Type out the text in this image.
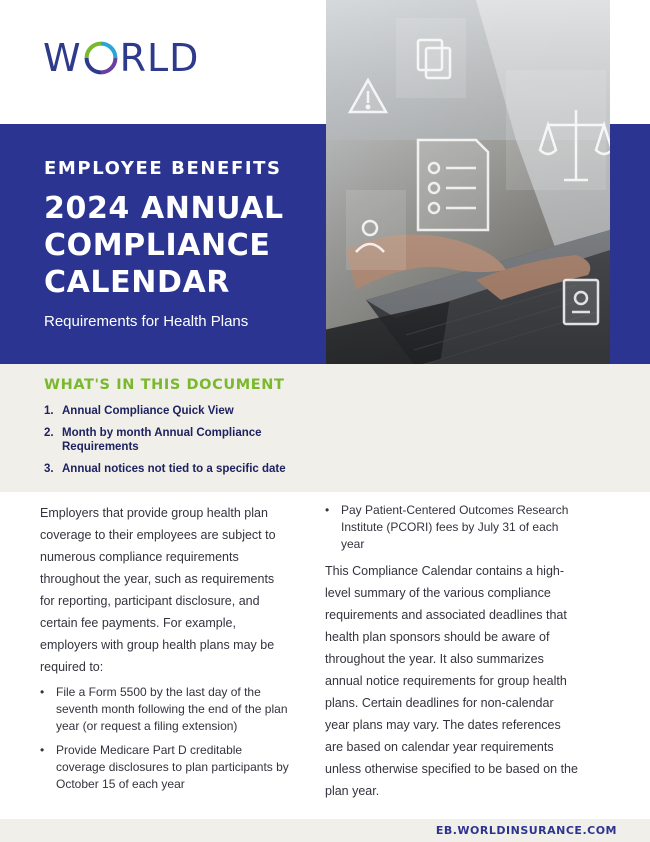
W RLD
EMPLOYEE BENEFITS
2024 ANNUAL COMPLIANCE CALENDAR
Requirements for Health Plans
WHAT'S IN THIS DOCUMENT
1. Annual Compliance Quick View
2. Month by month Annual Compliance Requirements
3. Annual notices not tied to a specific date

Employers that provide group health plan coverage to their employees are subject to numerous compliance requirements throughout the year, such as requirements for reporting, participant disclosure, and certain fee payments. For example, employers with group health plans may be required to:

• File a Form 5500 by the last day of the seventh month following the end of the plan year (or request a filing extension)
• Provide Medicare Part D creditable coverage disclosures to plan participants by October 15 of each year
• Pay Patient-Centered Outcomes Research Institute (PCORI) fees by July 31 of each year

This Compliance Calendar contains a high-level summary of the various compliance requirements and associated deadlines that health plan sponsors should be aware of throughout the year. It also summarizes annual notice requirements for group health plans. Certain deadlines for non-calendar year plans may vary. The dates references are based on calendar year requirements unless otherwise specified to be based on the plan year.

EB.WORLDINSURANCE.COM
